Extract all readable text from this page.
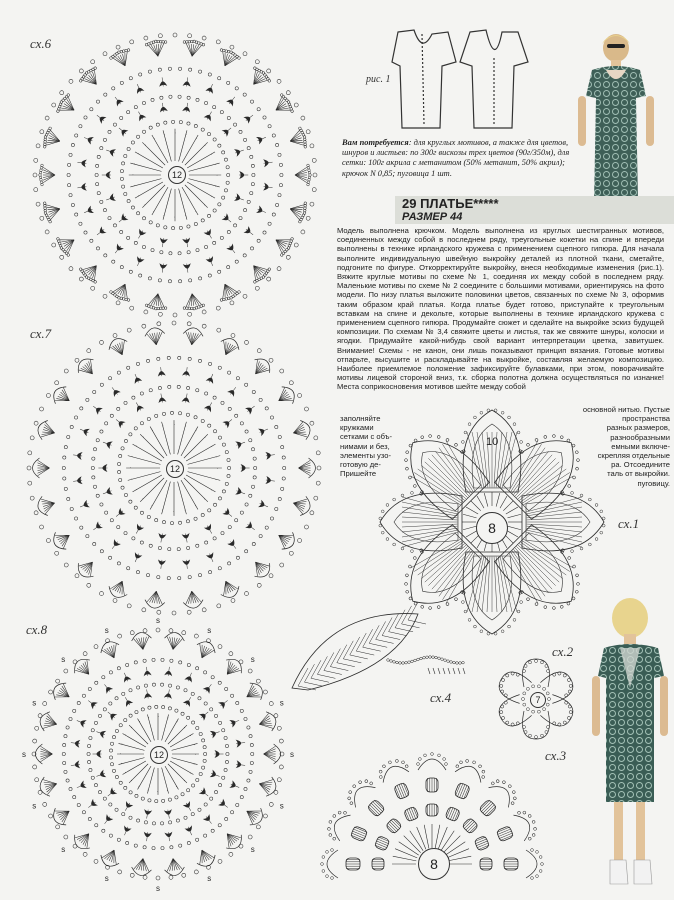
сх.6
сх.7
сх.8
сх.1
сх.2
сх.3
сх.4
рис. 1
s
s
s
s
s
s
s
s
s
s
s
s
s
s
s
s
12
12
12
8
10
7
8
Вам потребуется: для круглых мотивов, а также для цветов, шнуров и листьев: по 300г вискозы трех цветов (90г/350м), для сетки: 100г акрила с метанитом (50% метанит, 50% акрил); крючок N 0,85; пуговица 1 шт.
29 ПЛАТЬЕ*****
РАЗМЕР 44

Модель выполнена крючком. Модель выполнена из круглых шестигранных мотивов, соединенных между собой в последнем ряду, треугольные кокетки на спине и впереди выполнены в технике ирландского кружева с применением сцепного гипюра. Для начала выполните индивидуальную швейную выкройку деталей из плотной ткани, сметайте, подгоните по фигуре. Откорректируйте выкройку, внеся необходимые изменения (рис.1). Вяжите круглые мотивы по схеме № 1, соединяя их между собой в последнем ряду. Маленькие мотивы по схеме № 2 соедините с большими мотивами, ориентируясь на фото модели. По низу платья выложите половинки цветов, связанных по схеме № 3, оформив таким образом край платья. Когда платье будет готово, приступайте к треугольным вставкам на спине и декольте, которые выполнены в технике ирландского кружева с применением сцепного гипюра. Продумайте сюжет и сделайте на выкройке эскиз будущей композиции. По схемам № 3,4 свяжите цветы и листья, так же свяжите шнуры, колоски и ягодки. Придумайте какой-нибудь свой вариант интерпретации цветка, завитушек. Внимание! Схемы - не канон, они лишь показывают принцип вязания. Готовые мотивы отпарьте, высушите и раскладывайте на выкройке, составляя желаемую композицию. Наиболее приемлемое положение зафиксируйте булавками, при этом, поворачивайте мотивы лицевой стороной вниз, т.к. сборка полотна должна осуществляться по изнанке! Места соприкосновения мотивов шейте между собой

заполняйте кружками
сетками с объ-
нимами и без,
элементы узо-
готовую де-
Пришейте
основной нитью. Пустые пространства
разных размеров, разнообразными
емными включе-
скрепляя отдельные
ра. Отсоедините
таль от выкройки.
пуговицу.
